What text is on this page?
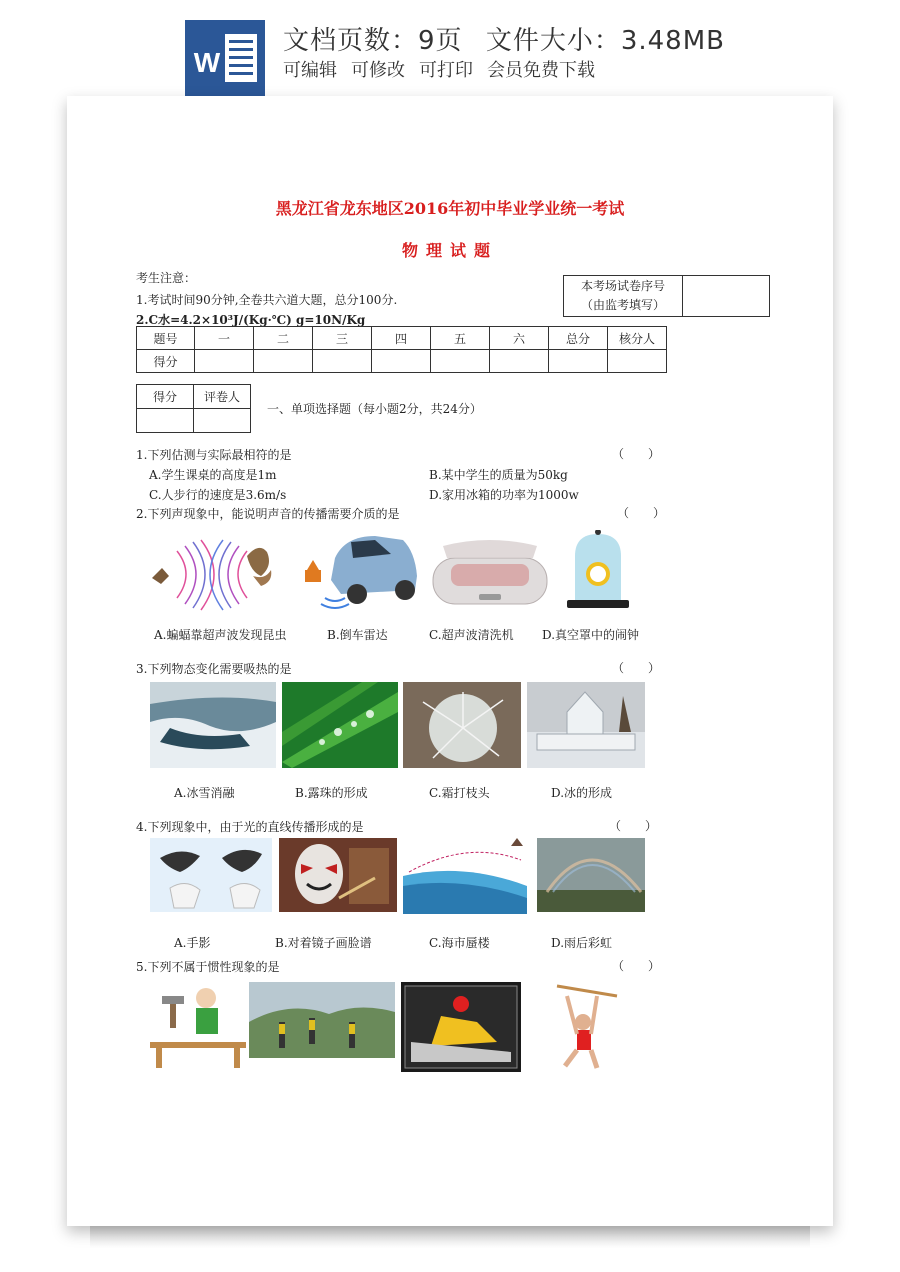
W
文档页数：9页 文件大小：3.48MB
可编辑 可修改 可打印 会员免费下载
黑龙江省龙东地区2016年初中毕业学业统一考试
物理试题
考生注意：
1.考试时间90分钟,全卷共六道大题，总分100分.
2.C水=4.2×10³J/(Kg·℃) g=10N/Kg
本考场试卷序号
（由监考填写）
题号	一	二	三	四	五	六	总分	核分人
得分								
得分	评卷人

一、单项选择题（每小题2分，共24分）
1.下列估测与实际最相符的是	（　　）
A.学生课桌的高度是1m	B.某中学生的质量为50kg
C.人步行的速度是3.6m/s	D.家用冰箱的功率为1000w
2.下列声现象中，能说明声音的传播需要介质的是	（　　）
A.蝙蝠靠超声波发现昆虫	B.倒车雷达	C.超声波清洗机 D.真空罩中的闹钟
3.下列物态变化需要吸热的是	（　　）
A.冰雪消融	B.露珠的形成	C.霜打枝头	D.冰的形成
4.下列现象中，由于光的直线传播形成的是	（　　）
A.手影	B.对着镜子画脸谱	C.海市蜃楼	D.雨后彩虹
5.下列不属于惯性现象的是	（　　）
